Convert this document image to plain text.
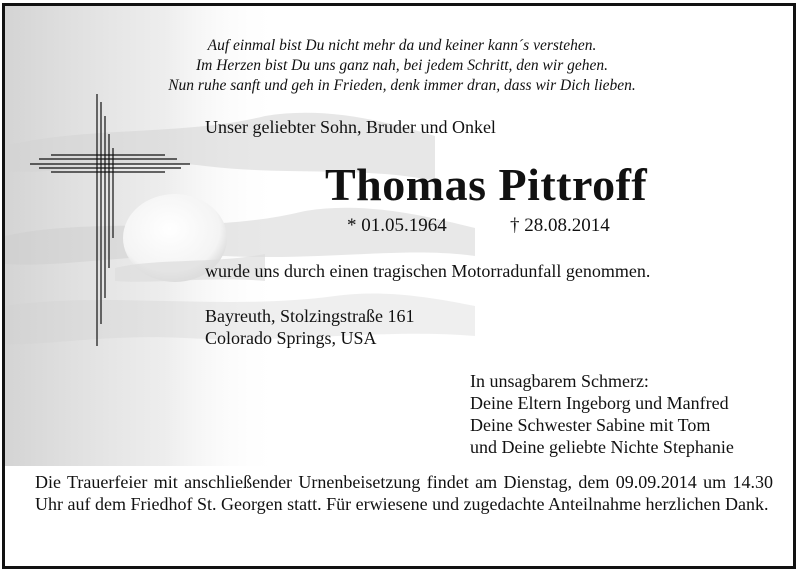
Auf einmal bist Du nicht mehr da und keiner kann´s verstehen.
Im Herzen bist Du uns ganz nah, bei jedem Schritt, den wir gehen.
Nun ruhe sanft und geh in Frieden, denk immer dran, dass wir Dich lieben.
Unser geliebter Sohn, Bruder und Onkel
Thomas Pittroff
* 01.05.1964	† 28.08.2014
wurde uns durch einen tragischen Motorradunfall genommen.
Bayreuth, Stolzingstraße 161
Colorado Springs, USA
In unsagbarem Schmerz:
Deine Eltern Ingeborg und Manfred
Deine Schwester Sabine mit Tom
und Deine geliebte Nichte Stephanie
Die Trauerfeier mit anschließender Urnenbeisetzung findet am Dienstag, dem 09.09.2014 um 14.30 Uhr auf dem Friedhof St. Georgen statt. Für erwiesene und zugedachte Anteilnahme herzlichen Dank.
